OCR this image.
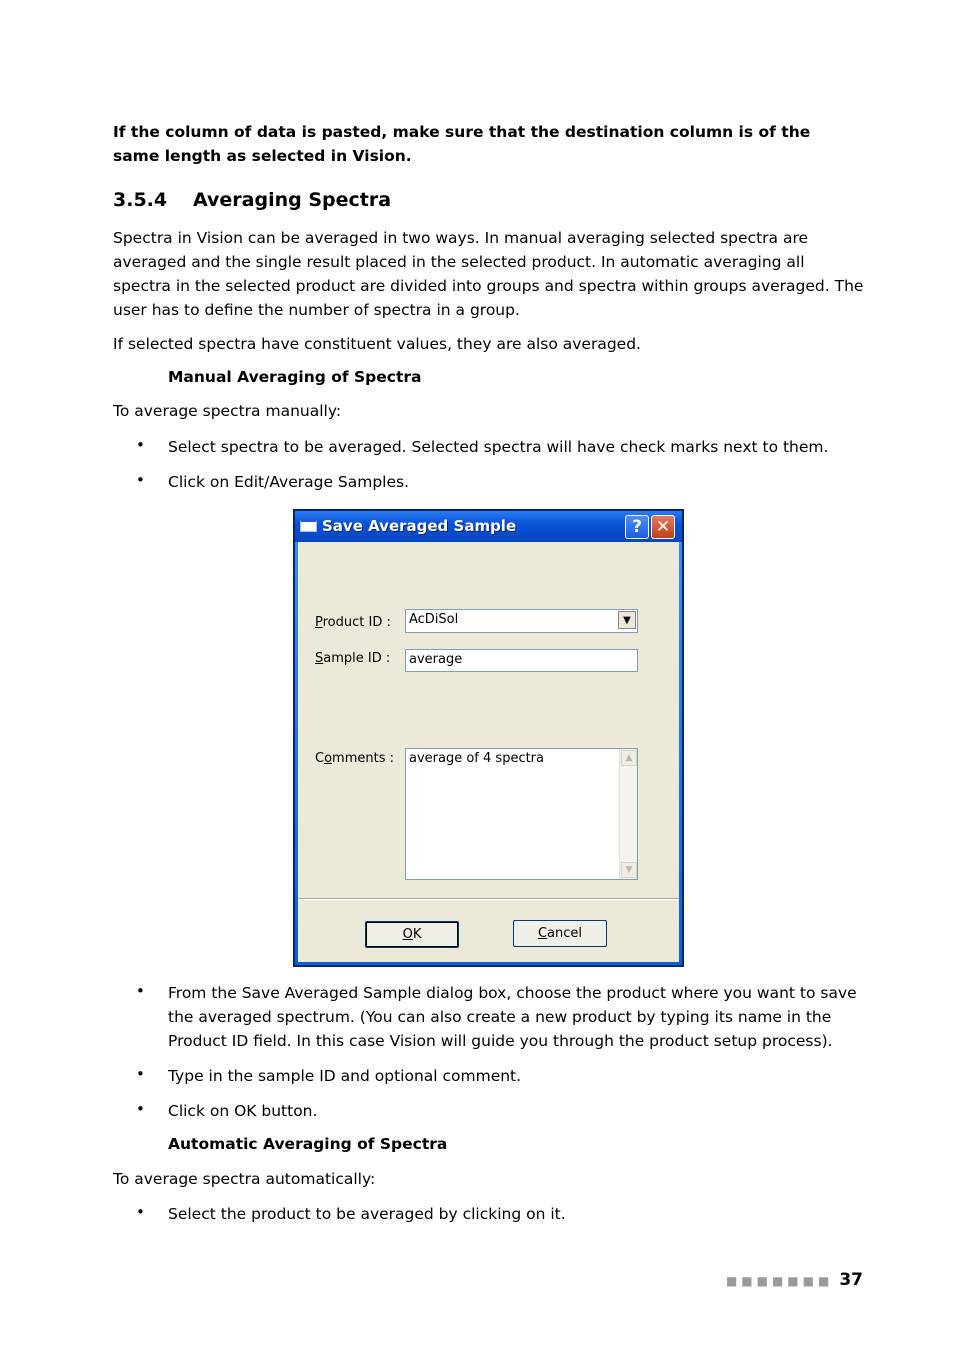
If the column of data is pasted, make sure that the destination column is of the same length as selected in Vision.
3.5.4 Averaging Spectra
Spectra in Vision can be averaged in two ways. In manual averaging selected spectra are averaged and the single result placed in the selected product. In automatic averaging all spectra in the selected product are divided into groups and spectra within groups averaged. The user has to define the number of spectra in a group.
If selected spectra have constituent values, they are also averaged.
Manual Averaging of Spectra
To average spectra manually:
• Select spectra to be averaged. Selected spectra will have check marks next to them.
• Click on Edit/Average Samples.
Save Averaged Sample	? ✕
Product ID :	AcDiSol	▼
Sample ID :	average
Comments :	average of 4 spectra	▲
▼
OK	Cancel
• From the Save Averaged Sample dialog box, choose the product where you want to save the averaged spectrum. (You can also create a new product by typing its name in the Product ID field. In this case Vision will guide you through the product setup process).
• Type in the sample ID and optional comment.
• Click on OK button.
Automatic Averaging of Spectra
To average spectra automatically:
• Select the product to be averaged by clicking on it.
■■■■■■■ 37
